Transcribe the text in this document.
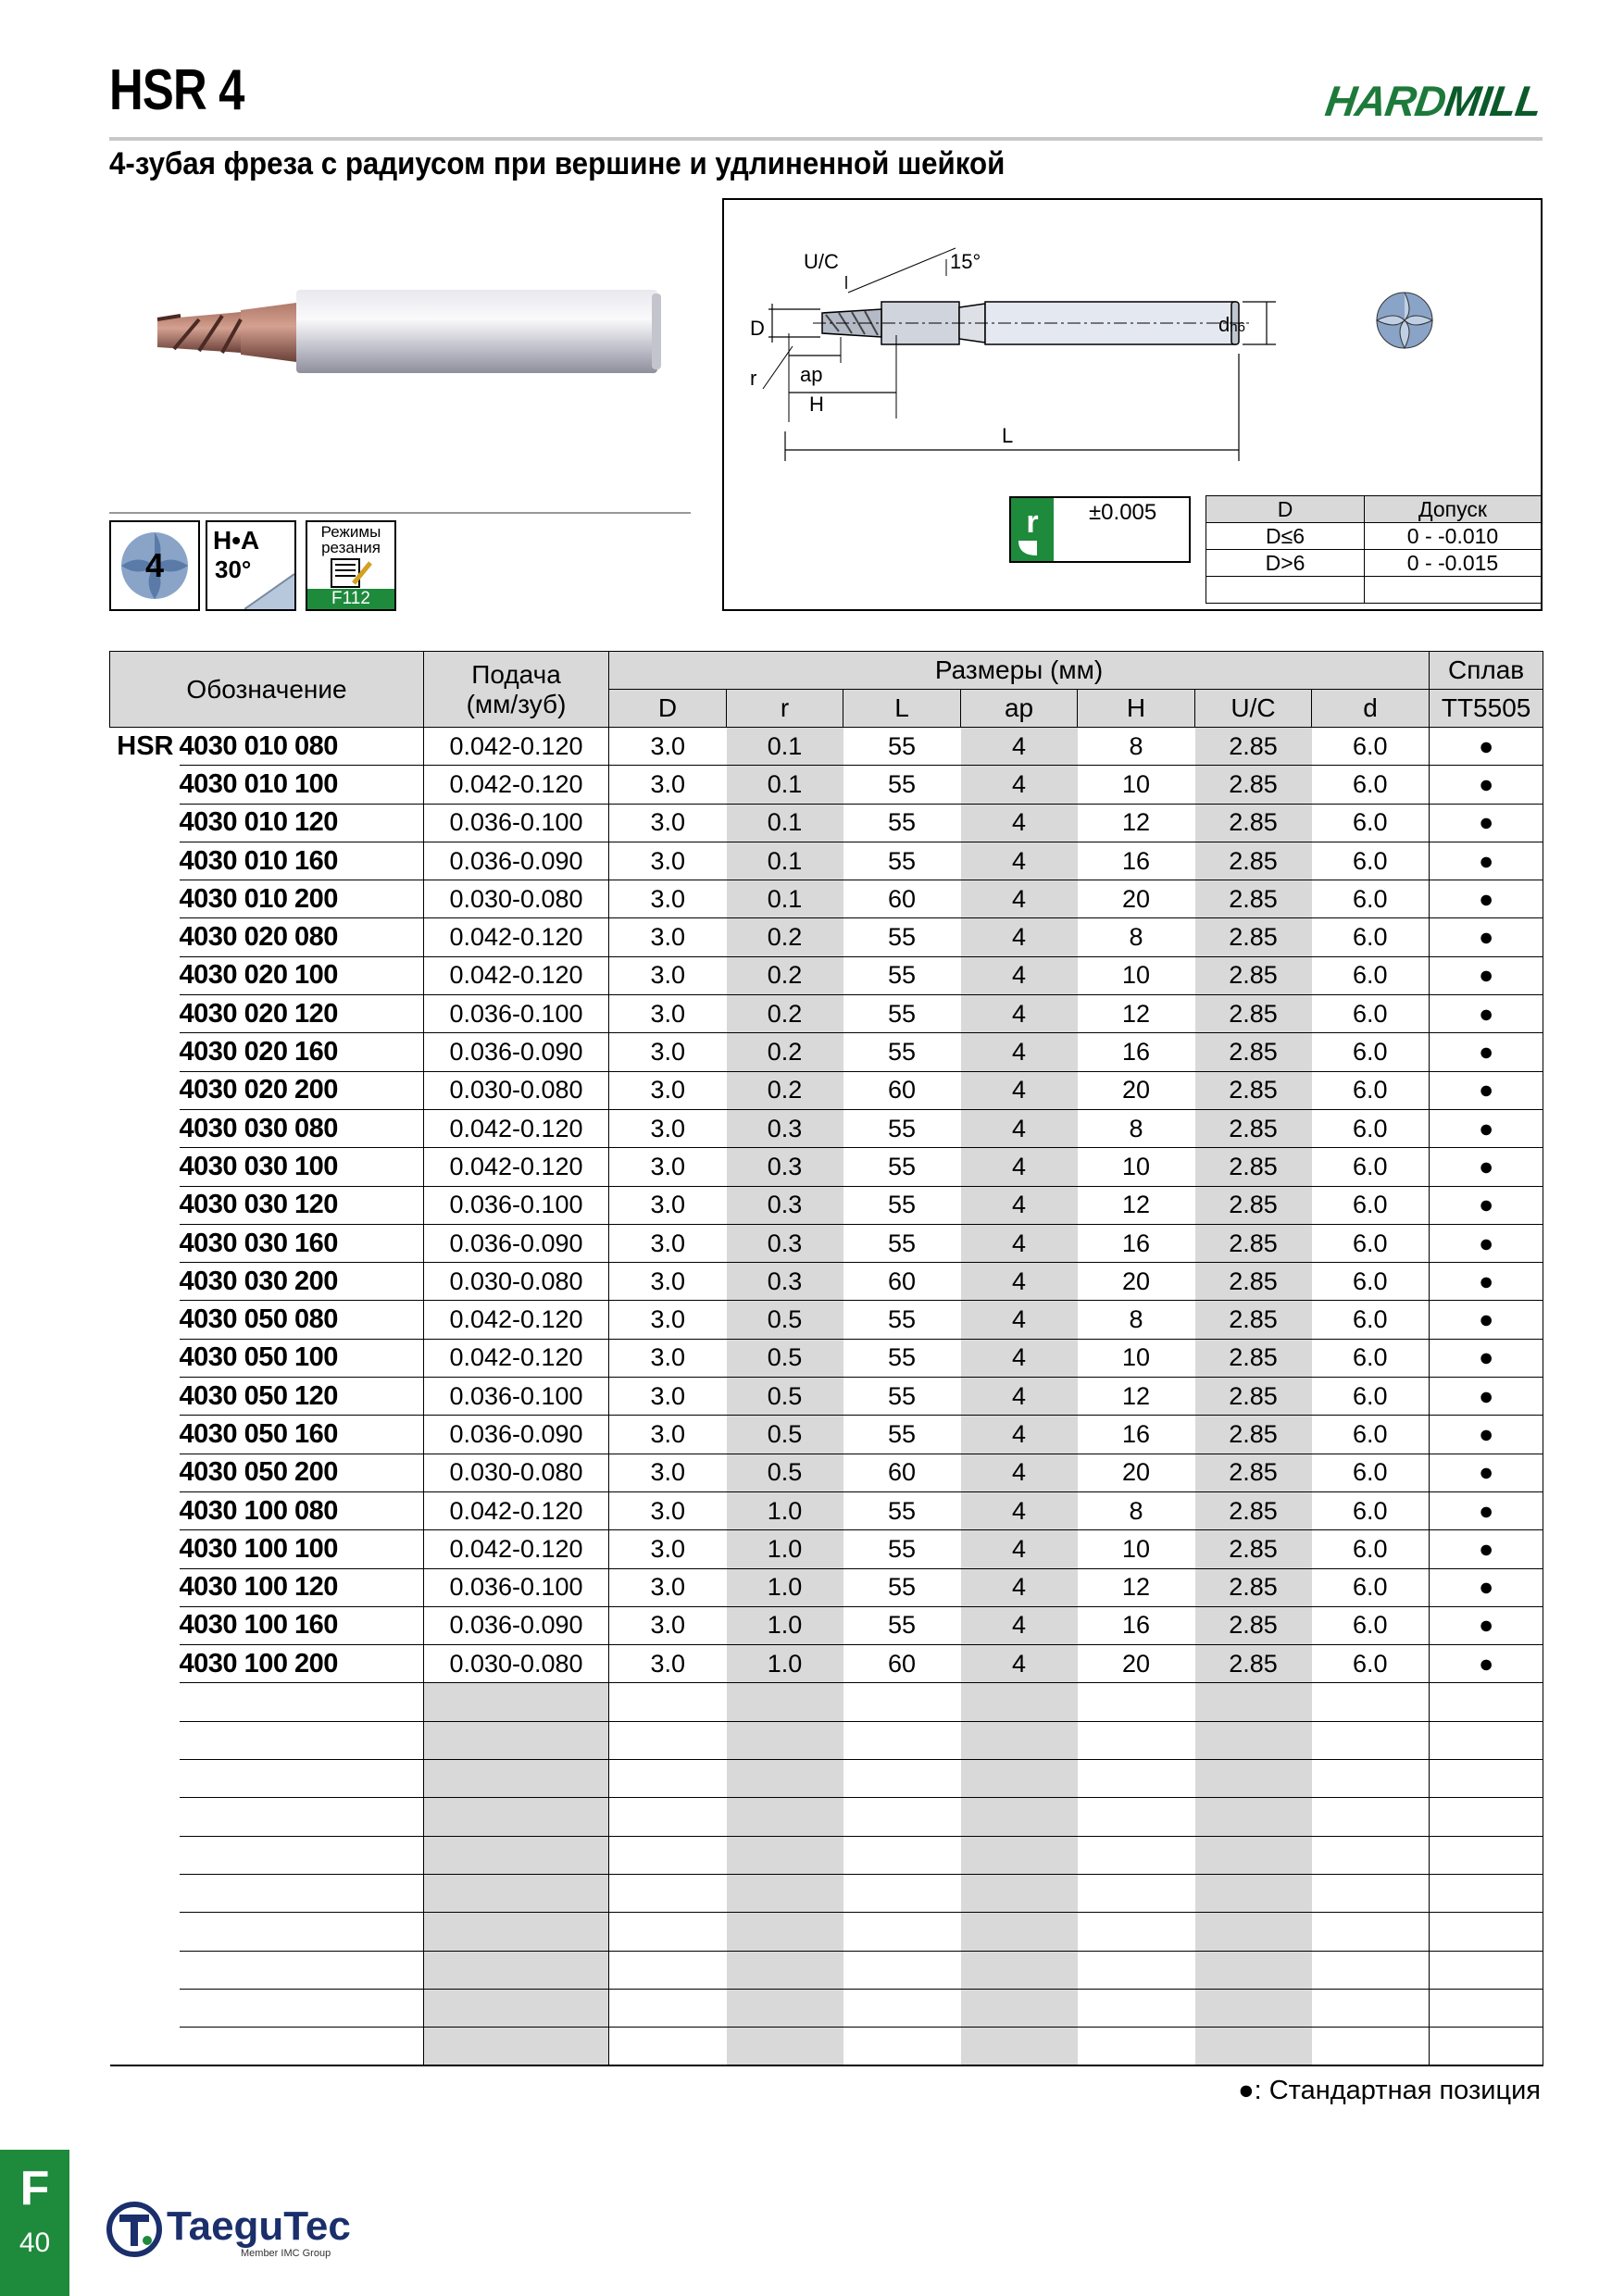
HSR 4	HARDMILL
4-зубая фреза с радиусом при вершине и удлиненной шейкой
4
H•A
30°
Режимы резания
F112
U/C	15°
D
ap
H
r
L
dh6
r	±0.005	D	Допуск
D≤6	0 - -0.010
D>6	0 - -0.015

Обозначение		Подача
(мм/зуб)	Размеры (мм)							Сплав
			D	r	L	ap	H	U/C	d	TT5505
HSR	4030 010 080	0.042-0.120	3.0	0.1	55	4	8	2.85	6.0	●
	4030 010 100	0.042-0.120	3.0	0.1	55	4	10	2.85	6.0	●
	4030 010 120	0.036-0.100	3.0	0.1	55	4	12	2.85	6.0	●
	4030 010 160	0.036-0.090	3.0	0.1	55	4	16	2.85	6.0	●
	4030 010 200	0.030-0.080	3.0	0.1	60	4	20	2.85	6.0	●
	4030 020 080	0.042-0.120	3.0	0.2	55	4	8	2.85	6.0	●
	4030 020 100	0.042-0.120	3.0	0.2	55	4	10	2.85	6.0	●
	4030 020 120	0.036-0.100	3.0	0.2	55	4	12	2.85	6.0	●
	4030 020 160	0.036-0.090	3.0	0.2	55	4	16	2.85	6.0	●
	4030 020 200	0.030-0.080	3.0	0.2	60	4	20	2.85	6.0	●
	4030 030 080	0.042-0.120	3.0	0.3	55	4	8	2.85	6.0	●
	4030 030 100	0.042-0.120	3.0	0.3	55	4	10	2.85	6.0	●
	4030 030 120	0.036-0.100	3.0	0.3	55	4	12	2.85	6.0	●
	4030 030 160	0.036-0.090	3.0	0.3	55	4	16	2.85	6.0	●
	4030 030 200	0.030-0.080	3.0	0.3	60	4	20	2.85	6.0	●
	4030 050 080	0.042-0.120	3.0	0.5	55	4	8	2.85	6.0	●
	4030 050 100	0.042-0.120	3.0	0.5	55	4	10	2.85	6.0	●
	4030 050 120	0.036-0.100	3.0	0.5	55	4	12	2.85	6.0	●
	4030 050 160	0.036-0.090	3.0	0.5	55	4	16	2.85	6.0	●
	4030 050 200	0.030-0.080	3.0	0.5	60	4	20	2.85	6.0	●
	4030 100 080	0.042-0.120	3.0	1.0	55	4	8	2.85	6.0	●
	4030 100 100	0.042-0.120	3.0	1.0	55	4	10	2.85	6.0	●
	4030 100 120	0.036-0.100	3.0	1.0	55	4	12	2.85	6.0	●
	4030 100 160	0.036-0.090	3.0	1.0	55	4	16	2.85	6.0	●
	4030 100 200	0.030-0.080	3.0	1.0	60	4	20	2.85	6.0	●

●: Стандартная позиция
F
40	TaeguTec
Member IMC Group
